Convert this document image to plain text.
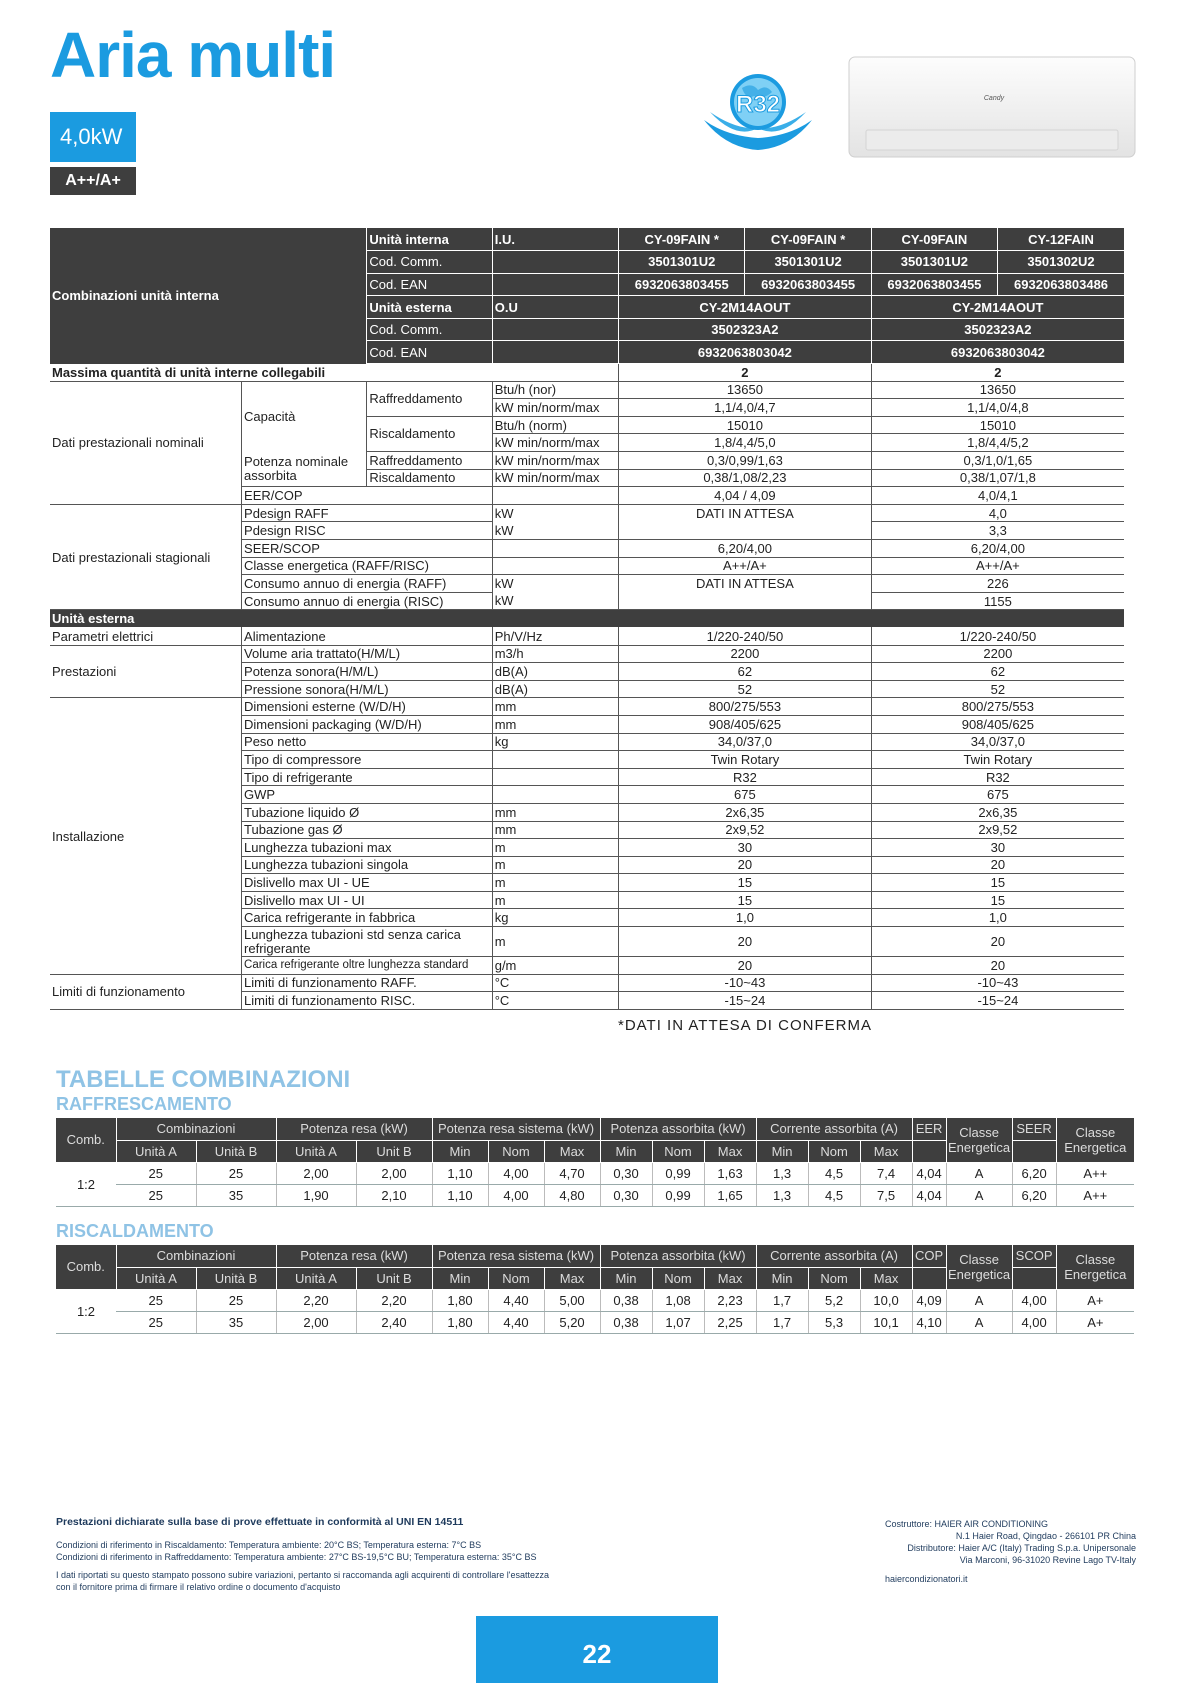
Aria multi
4,0kW
A++/A+
R32	Candy
Combinazioni unità interna		Unità interna	I.U.	CY-09FAIN *	CY-09FAIN *	CY-09FAIN	CY-12FAIN
		Cod. Comm.		3501301U2	3501301U2	3501301U2	3501302U2
		Cod. EAN		6932063803455	6932063803455	6932063803455	6932063803486
		Unità esterna	O.U	CY-2M14AOUT		CY-2M14AOUT	
		Cod. Comm.		3502323A2		3502323A2	
		Cod. EAN		6932063803042		6932063803042	
Massima quantità di unità interne collegabili				2		2	
Dati prestazionali nominali	Capacità	Raffreddamento	Btu/h (nor)	13650		13650	
			kW min/norm/max	1,1/4,0/4,7		1,1/4,0/4,8	
		Riscaldamento	Btu/h (norm)	15010		15010	
			kW min/norm/max	1,8/4,4/5,0		1,8/4,4/5,2	
	Potenza nominale assorbita	Raffreddamento	kW min/norm/max	0,3/0,99/1,63		0,3/1,0/1,65	
		Riscaldamento	kW min/norm/max	0,38/1,08/2,23		0,38/1,07/1,8	
	EER/COP			4,04 / 4,09		4,0/4,1	
Dati prestazionali stagionali	Pdesign RAFF		kW	DATI IN ATTESA		4,0	
	Pdesign RISC		kW			3,3	
	SEER/SCOP			6,20/4,00		6,20/4,00	
	Classe energetica (RAFF/RISC)			A++/A+		A++/A+	
	Consumo annuo di energia (RAFF)		kW	DATI IN ATTESA		226	
	Consumo annuo di energia (RISC)		kW			1155	
Unità esterna							
Parametri elettrici	Alimentazione		Ph/V/Hz	1/220-240/50		1/220-240/50	
Prestazioni	Volume aria trattato(H/M/L)		m3/h	2200		2200	
	Potenza sonora(H/M/L)		dB(A)	62		62	
	Pressione sonora(H/M/L)		dB(A)	52		52	
Installazione	Dimensioni esterne (W/D/H)		mm	800/275/553		800/275/553	
	Dimensioni packaging (W/D/H)		mm	908/405/625		908/405/625	
	Peso netto		kg	34,0/37,0		34,0/37,0	
	Tipo di compressore			Twin Rotary		Twin Rotary	
	Tipo di refrigerante			R32		R32	
	GWP			675		675	
	Tubazione liquido Ø		mm	2x6,35		2x6,35	
	Tubazione gas Ø		mm	2x9,52		2x9,52	
	Lunghezza tubazioni max		m	30		30	
	Lunghezza tubazioni singola		m	20		20	
	Dislivello max UI - UE		m	15		15	
	Dislivello max UI - UI		m	15		15	
	Carica refrigerante in fabbrica		kg	1,0		1,0	
	Lunghezza tubazioni std senza carica refrigerante		m	20		20	
	Carica refrigerante oltre lunghezza standard		g/m	20		20	
Limiti di funzionamento	Limiti di funzionamento RAFF.		°C	-10~43		-10~43	
	Limiti di funzionamento RISC.		°C	-15~24		-15~24	
*DATI IN ATTESA DI CONFERMA
TABELLE COMBINAZIONI
RAFFRESCAMENTO
Comb.	Combinazioni		Potenza resa (kW)		Potenza resa sistema (kW)			Potenza assorbita (kW)			Corrente assorbita (A)			EER	Classe Energetica	SEER	Classe Energetica
	Unità A	Unità B	Unità A	Unit B	Min	Nom	Max	Min	Nom	Max	Min	Nom	Max				
1:2	25	25	2,00	2,00	1,10	4,00	4,70	0,30	0,99	1,63	1,3	4,5	7,4	4,04	A	6,20	A++
	25	35	1,90	2,10	1,10	4,00	4,80	0,30	0,99	1,65	1,3	4,5	7,5	4,04	A	6,20	A++
RISCALDAMENTO
Comb.	Combinazioni		Potenza resa (kW)		Potenza resa sistema (kW)			Potenza assorbita (kW)			Corrente assorbita (A)			COP	Classe Energetica	SCOP	Classe Energetica
	Unità A	Unità B	Unità A	Unit B	Min	Nom	Max	Min	Nom	Max	Min	Nom	Max				
1:2	25	25	2,20	2,20	1,80	4,40	5,00	0,38	1,08	2,23	1,7	5,2	10,0	4,09	A	4,00	A+
	25	35	2,00	2,40	1,80	4,40	5,20	0,38	1,07	2,25	1,7	5,3	10,1	4,10	A	4,00	A+
Prestazioni dichiarate sulla base di prove effettuate in conformità al UNI EN 14511
Condizioni di riferimento in Riscaldamento: Temperatura ambiente: 20°C BS; Temperatura esterna: 7°C BS
Condizioni di riferimento in Raffreddamento: Temperatura ambiente: 27°C BS-19,5°C BU; Temperatura esterna: 35°C BS
I dati riportati su questo stampato possono subire variazioni, pertanto si raccomanda agli acquirenti di controllare l'esattezza
con il fornitore prima di firmare il relativo ordine o documento d'acquisto
Costruttore: HAIER AIR CONDITIONING
N.1 Haier Road, Qingdao - 266101 PR China
Distributore: Haier A/C (Italy) Trading S.p.a. Unipersonale
Via Marconi, 96-31020 Revine Lago TV-Italy
haiercondizionatori.it
22
